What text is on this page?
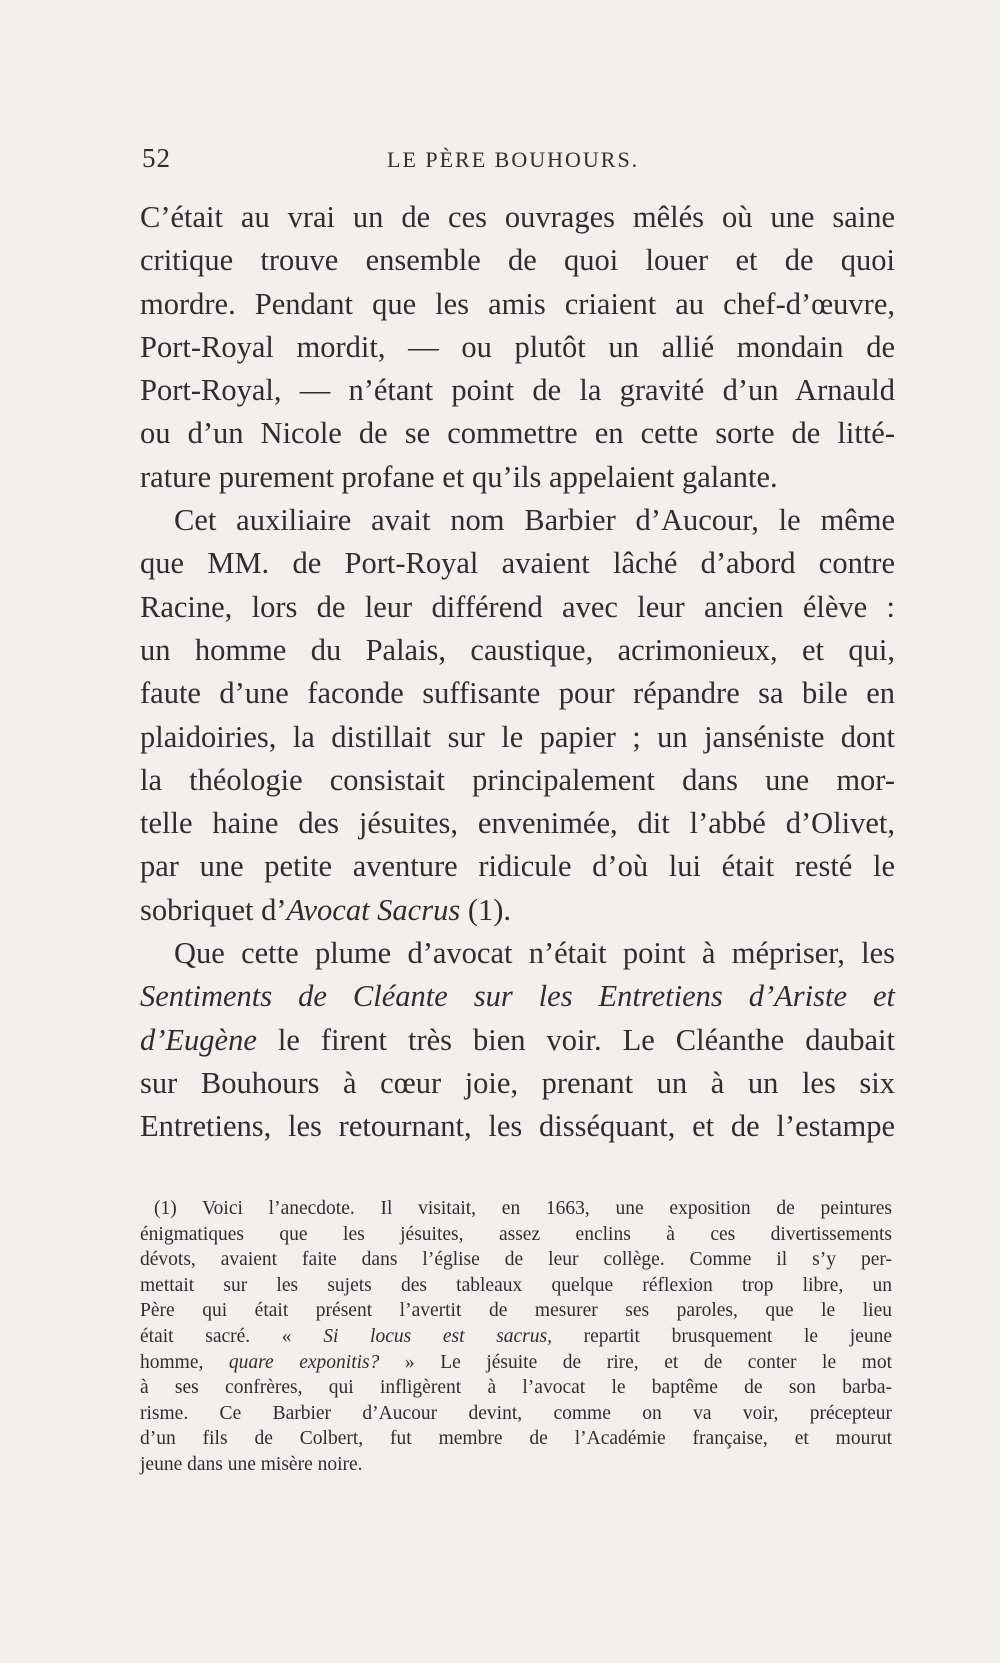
52	LE PÈRE BOUHOURS.
C’était au vrai un de ces ouvrages mêlés où une saine
critique trouve ensemble de quoi louer et de quoi
mordre. Pendant que les amis criaient au chef-d’œuvre,
Port-Royal mordit, — ou plutôt un allié mondain de
Port-Royal, — n’étant point de la gravité d’un Arnauld
ou d’un Nicole de se commettre en cette sorte de litté-
rature purement profane et qu’ils appelaient galante.
Cet auxiliaire avait nom Barbier d’Aucour, le même
que MM. de Port-Royal avaient lâché d’abord contre
Racine, lors de leur différend avec leur ancien élève :
un homme du Palais, caustique, acrimonieux, et qui,
faute d’une faconde suffisante pour répandre sa bile en
plaidoiries, la distillait sur le papier ; un janséniste dont
la théologie consistait principalement dans une mor-
telle haine des jésuites, envenimée, dit l’abbé d’Olivet,
par une petite aventure ridicule d’où lui était resté le
sobriquet d’Avocat Sacrus (1).
Que cette plume d’avocat n’était point à mépriser, les
Sentiments de Cléante sur les Entretiens d’Ariste et
d’Eugène le firent très bien voir. Le Cléanthe daubait
sur Bouhours à cœur joie, prenant un à un les six
Entretiens, les retournant, les disséquant, et de l’estampe
(1) Voici l’anecdote. Il visitait, en 1663, une exposition de peintures
énigmatiques que les jésuites, assez enclins à ces divertissements
dévots, avaient faite dans l’église de leur collège. Comme il s’y per-
mettait sur les sujets des tableaux quelque réflexion trop libre, un
Père qui était présent l’avertit de mesurer ses paroles, que le lieu
était sacré. « Si locus est sacrus, repartit brusquement le jeune
homme, quare exponitis? » Le jésuite de rire, et de conter le mot
à ses confrères, qui infligèrent à l’avocat le baptême de son barba-
risme. Ce Barbier d’Aucour devint, comme on va voir, précepteur
d’un fils de Colbert, fut membre de l’Académie française, et mourut
jeune dans une misère noire.
